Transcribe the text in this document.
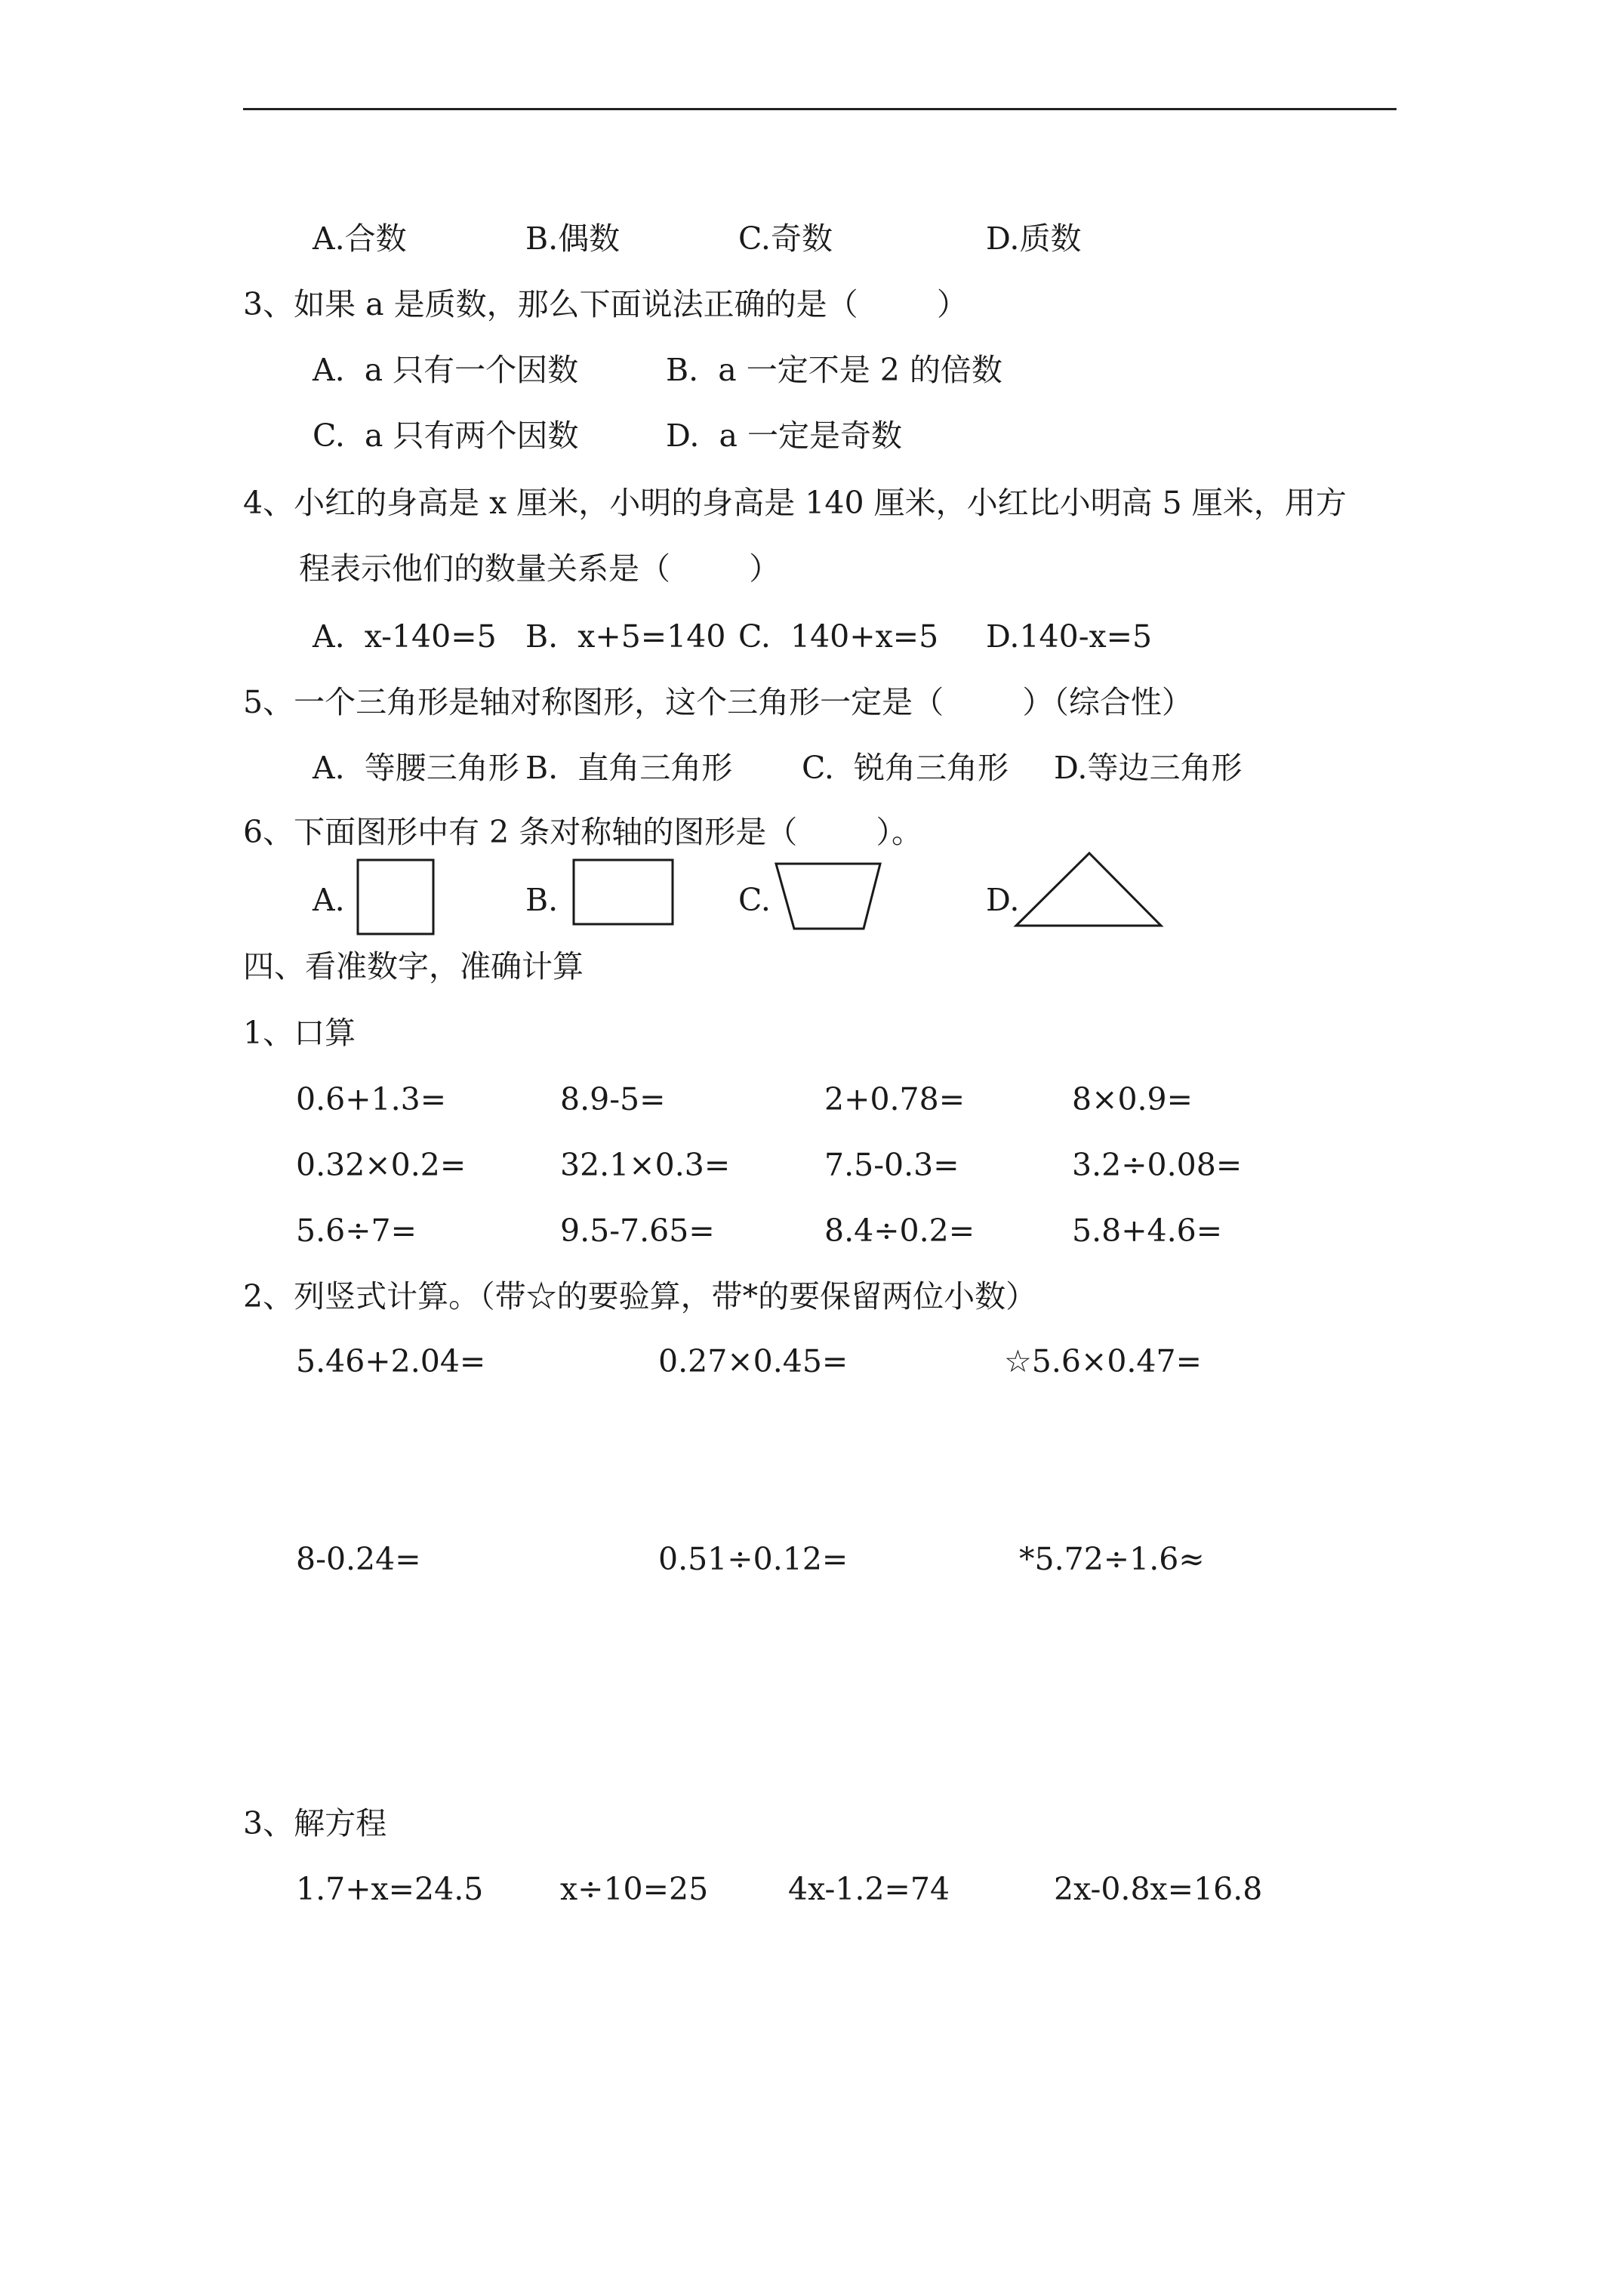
A.合数	B.偶数	C.奇数	D.质数
3、如果 a 是质数，那么下面说法正确的是（        ）
A.  a 只有一个因数	B.  a 一定不是 2 的倍数
C.  a 只有两个因数	D.  a 一定是奇数
4、小红的身高是 x 厘米，小明的身高是 140 厘米，小红比小明高 5 厘米，用方
程表示他们的数量关系是（        ）
A.  x-140=5 B.  x+5=140 C.  140+x=5 D.140-x=5
5、一个三角形是轴对称图形，这个三角形一定是（        ）（综合性）
A.  等腰三角形 B.  直角三角形 C.  锐角三角形 D.等边三角形
6、下面图形中有 2 条对称轴的图形是（        ）。
A.	B.	C.	D.
四、看准数字，准确计算
1、口算
0.6+1.3=	8.9-5=	2+0.78=	8×0.9=
0.32×0.2=	32.1×0.3=	7.5-0.3=	3.2÷0.08=
5.6÷7=	9.5-7.65=	8.4÷0.2=	5.8+4.6=
2、列竖式计算。（带☆的要验算，带*的要保留两位小数）
5.46+2.04=	0.27×0.45=	☆5.6×0.47=
8-0.24=	0.51÷0.12=	*5.72÷1.6≈
3、解方程
1.7+x=24.5 x÷10=25	4x-1.2=74	2x-0.8x=16.8
